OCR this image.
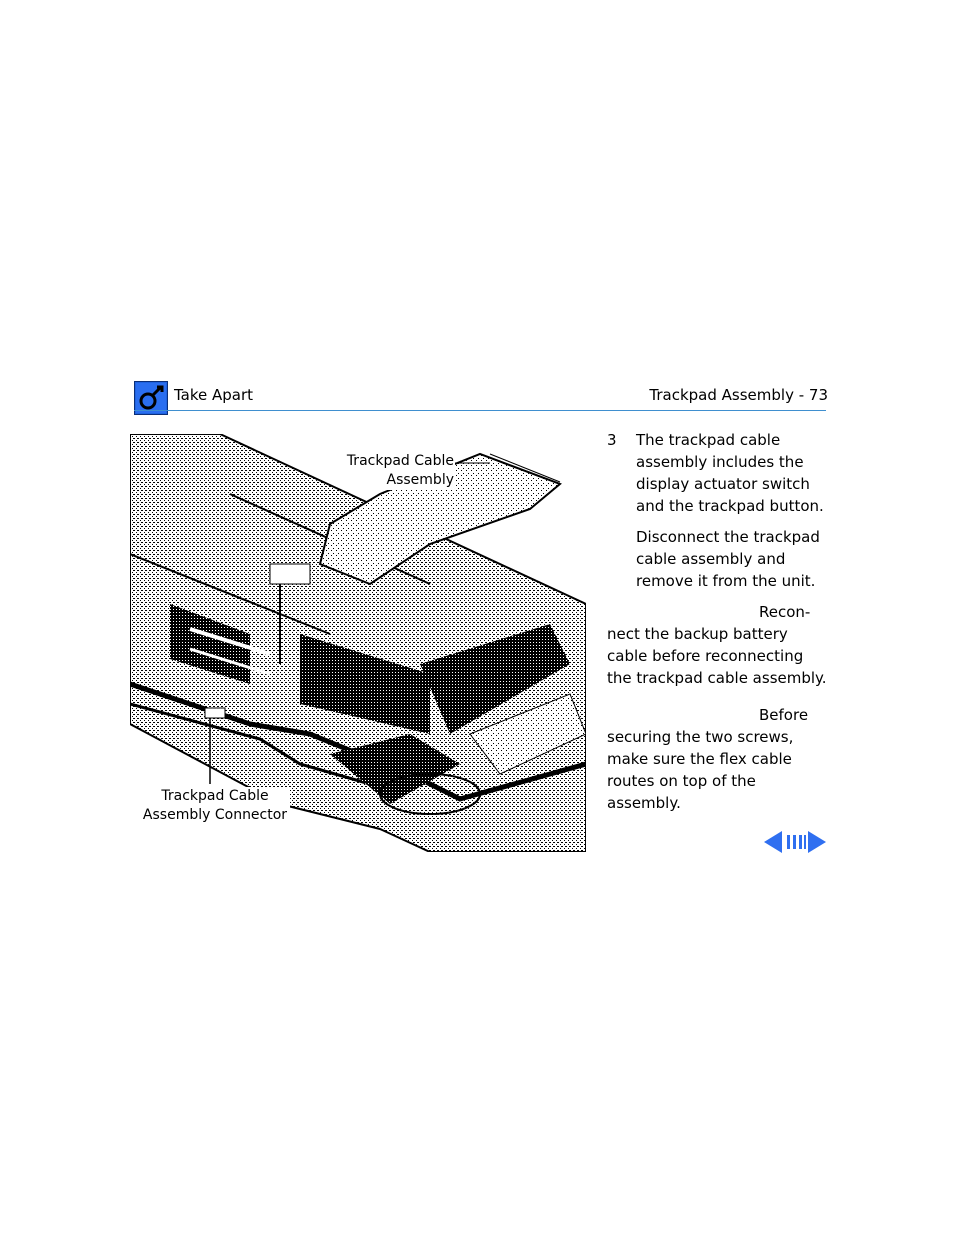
Take Apart	Trackpad Assembly - 73
Trackpad Cable
Assembly
Trackpad Cable
Assembly Connector
3 The trackpad cable assembly includes the display actuator switch and the trackpad button.

Disconnect the trackpad cable assembly and remove it from the unit.

Recon- nect the backup battery cable before reconnecting the trackpad cable assembly.

Before securing the two screws, make sure the flex cable routes on top of the assembly.
